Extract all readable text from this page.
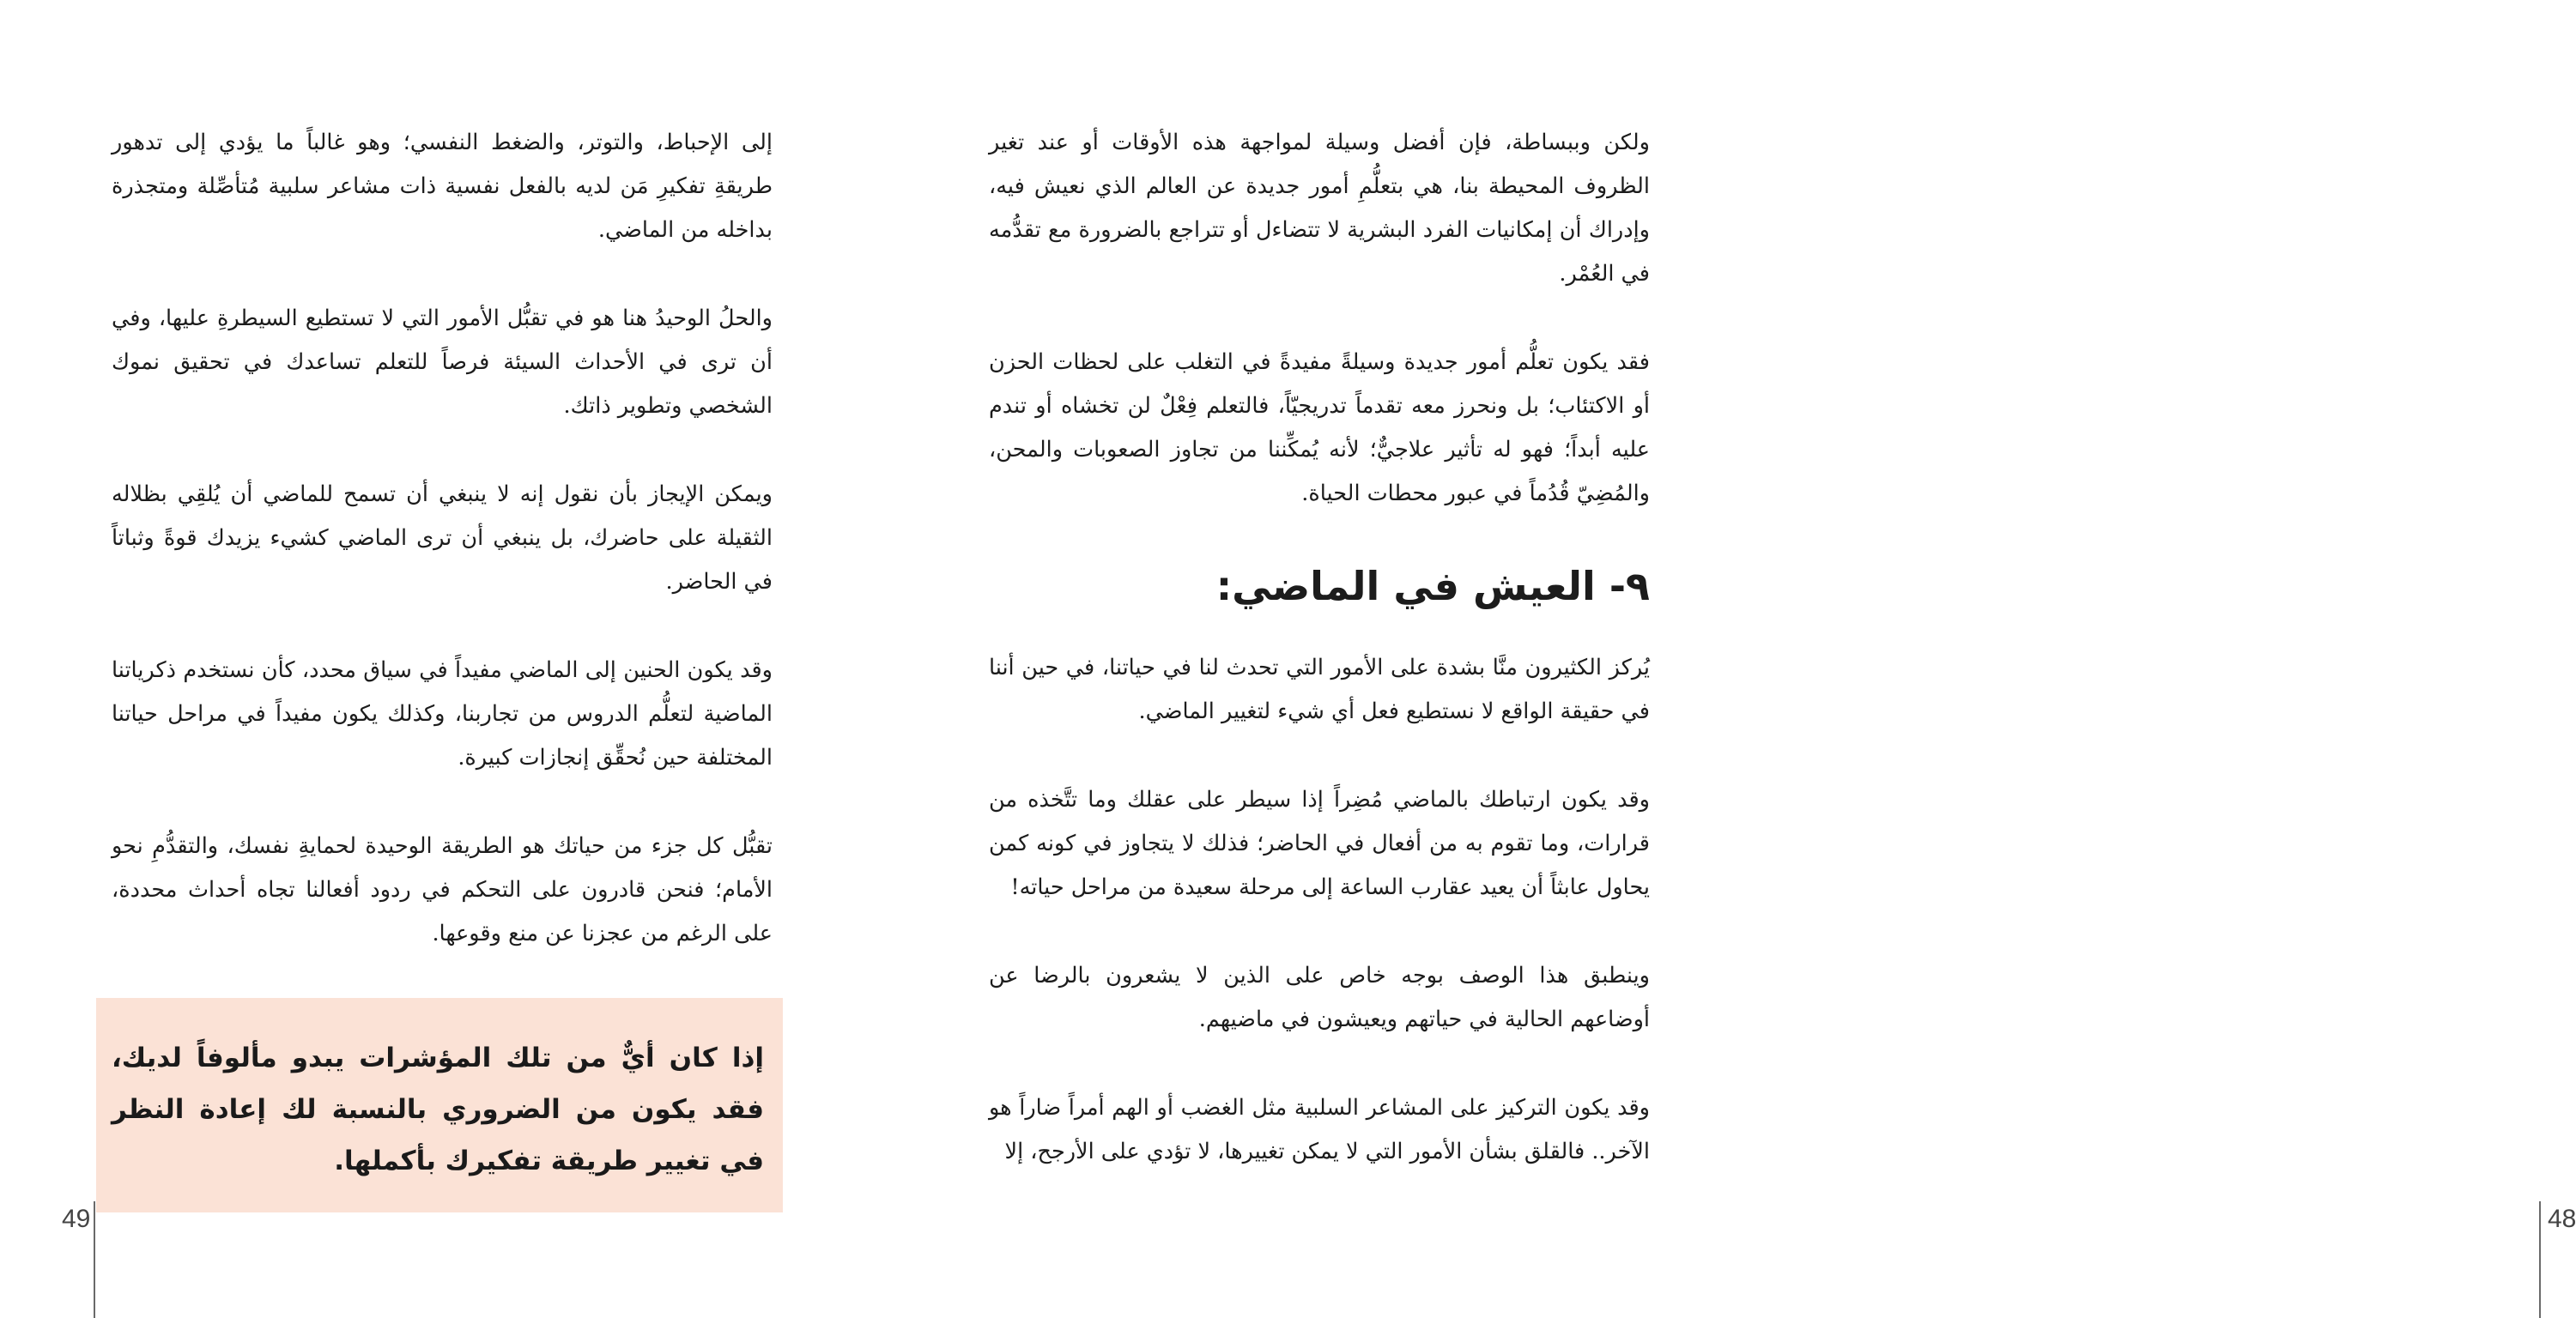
إلى الإحباط، والتوتر، والضغط النفسي؛ وهو غالباً ما يؤدي إلى تدهور طريقةِ تفكيرِ مَن لديه بالفعل نفسية ذات مشاعر سلبية مُتأصِّلة ومتجذرة بداخله من الماضي.

والحلُ الوحيدُ هنا هو في تقبُّل الأمور التي لا تستطيع السيطرةِ عليها، وفي أن ترى في الأحداث السيئة فرصاً للتعلم تساعدك في تحقيق نموك الشخصي وتطوير ذاتك.

ويمكن الإيجاز بأن نقول إنه لا ينبغي أن تسمح للماضي أن يُلقِي بظلاله الثقيلة على حاضرك، بل ينبغي أن ترى الماضي كشيء يزيدك قوةً وثباتاً في الحاضر.

وقد يكون الحنين إلى الماضي مفيداً في سياق محدد، كأن نستخدم ذكرياتنا الماضية لتعلُّم الدروس من تجاربنا، وكذلك يكون مفيداً في مراحل حياتنا المختلفة حين نُحقِّق إنجازات كبيرة.

تقبُّل كل جزء من حياتك هو الطريقة الوحيدة لحمايةِ نفسك، والتقدُّمِ نحو الأمام؛ فنحن قادرون على التحكم في ردود أفعالنا تجاه أحداث محددة، على الرغم من عجزنا عن منع وقوعها.

إذا كان أيٌّ من تلك المؤشرات يبدو مألوفاً لديك، فقد يكون من الضروري بالنسبة لك إعادة النظر في تغيير طريقة تفكيرك بأكملها.
49

ولكن وببساطة، فإن أفضل وسيلة لمواجهة هذه الأوقات أو عند تغير الظروف المحيطة بنا، هي بتعلُّمِ أمور جديدة عن العالم الذي نعيش فيه، وإدراك أن إمكانيات الفرد البشرية لا تتضاءل أو تتراجع بالضرورة مع تقدُّمه في العُمْر.

فقد يكون تعلُّم أمور جديدة وسيلةً مفيدةً في التغلب على لحظات الحزن أو الاكتئاب؛ بل ونحرز معه تقدماً تدريجيّاً، فالتعلم فِعْلٌ لن تخشاه أو تندم عليه أبداً؛ فهو له تأثير علاجيٌّ؛ لأنه يُمكِّننا من تجاوز الصعوبات والمحن، والمُضِيّ قُدُماً في عبور محطات الحياة.

٩- العيش في الماضي:

يُركز الكثيرون منَّا بشدة على الأمور التي تحدث لنا في حياتنا، في حين أننا في حقيقة الواقع لا نستطيع فعل أي شيء لتغيير الماضي.

وقد يكون ارتباطك بالماضي مُضِراً إذا سيطر على عقلك وما تتَّخذه من قرارات، وما تقوم به من أفعال في الحاضر؛ فذلك لا يتجاوز في كونه كمن يحاول عابثاً أن يعيد عقارب الساعة إلى مرحلة سعيدة من مراحل حياته!

وينطبق هذا الوصف بوجه خاص على الذين لا يشعرون بالرضا عن أوضاعهم الحالية في حياتهم ويعيشون في ماضيهم.

وقد يكون التركيز على المشاعر السلبية مثل الغضب أو الهم أمراً ضاراً هو الآخر.. فالقلق بشأن الأمور التي لا يمكن تغييرها، لا تؤدي على الأرجح، إلا

48
